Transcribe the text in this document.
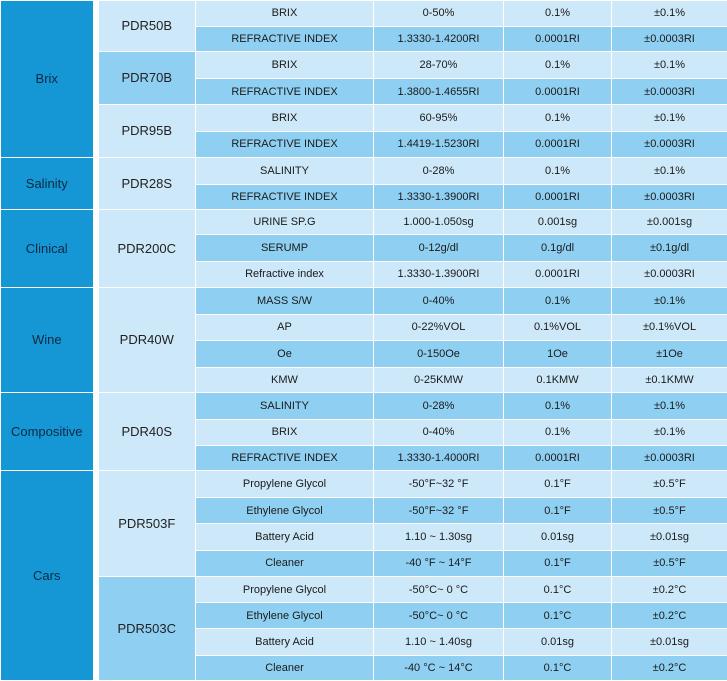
Brix	PDR50B	BRIX	0-50%	0.1%	±0.1%
		REFRACTIVE INDEX	1.3330-1.4200RI	0.0001RI	±0.0003RI
	PDR70B	BRIX	28-70%	0.1%	±0.1%
		REFRACTIVE INDEX	1.3800-1.4655RI	0.0001RI	±0.0003RI
	PDR95B	BRIX	60-95%	0.1%	±0.1%
		REFRACTIVE INDEX	1.4419-1.5230RI	0.0001RI	±0.0003RI
Salinity	PDR28S	SALINITY	0-28%	0.1%	±0.1%
		REFRACTIVE INDEX	1.3330-1.3900RI	0.0001RI	±0.0003RI
Clinical	PDR200C	URINE SP.G	1.000-1.050sg	0.001sg	±0.001sg
		SERUMP	0-12g/dl	0.1g/dl	±0.1g/dl
		Refractive index	1.3330-1.3900RI	0.0001RI	±0.0003RI
Wine	PDR40W	MASS S/W	0-40%	0.1%	±0.1%
		AP	0-22%VOL	0.1%VOL	±0.1%VOL
		Oe	0-150Oe	1Oe	±1Oe
		KMW	0-25KMW	0.1KMW	±0.1KMW
Compositive	PDR40S	SALINITY	0-28%	0.1%	±0.1%
		BRIX	0-40%	0.1%	±0.1%
		REFRACTIVE INDEX	1.3330-1.4000RI	0.0001RI	±0.0003RI
Cars	PDR503F	Propylene Glycol	-50°F~32 °F	0.1°F	±0.5°F
		Ethylene Glycol	-50°F~32 °F	0.1°F	±0.5°F
		Battery Acid	1.10 ~ 1.30sg	0.01sg	±0.01sg
		Cleaner	-40 °F ~ 14°F	0.1°F	±0.5°F
	PDR503C	Propylene Glycol	-50°C~ 0 °C	0.1°C	±0.2°C
		Ethylene Glycol	-50°C~ 0 °C	0.1°C	±0.2°C
		Battery Acid	1.10 ~ 1.40sg	0.01sg	±0.01sg
		Cleaner	-40 °C ~ 14°C	0.1°C	±0.2°C
